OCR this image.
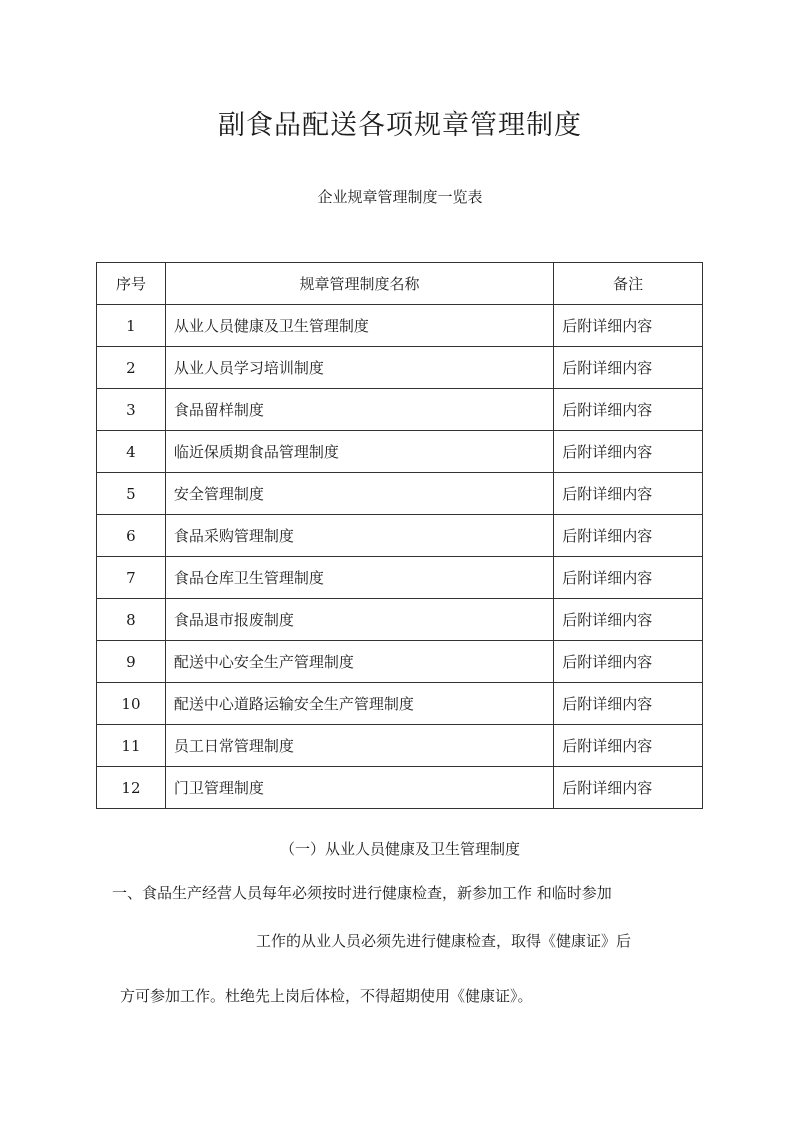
副食品配送各项规章管理制度
企业规章管理制度一览表
序号	规章管理制度名称	备注
1	从业人员健康及卫生管理制度	后附详细内容
2	从业人员学习培训制度	后附详细内容
3	食品留样制度	后附详细内容
4	临近保质期食品管理制度	后附详细内容
5	安全管理制度	后附详细内容
6	食品采购管理制度	后附详细内容
7	食品仓库卫生管理制度	后附详细内容
8	食品退市报废制度	后附详细内容
9	配送中心安全生产管理制度	后附详细内容
10	配送中心道路运输安全生产管理制度	后附详细内容
11	员工日常管理制度	后附详细内容
12	门卫管理制度	后附详细内容
（一）从业人员健康及卫生管理制度

一、食品生产经营人员每年必须按时进行健康检查，新参加工作 和临时参加

工作的从业人员必须先进行健康检查，取得《健康证》后

方可参加工作。杜绝先上岗后体检，不得超期使用《健康证》。
